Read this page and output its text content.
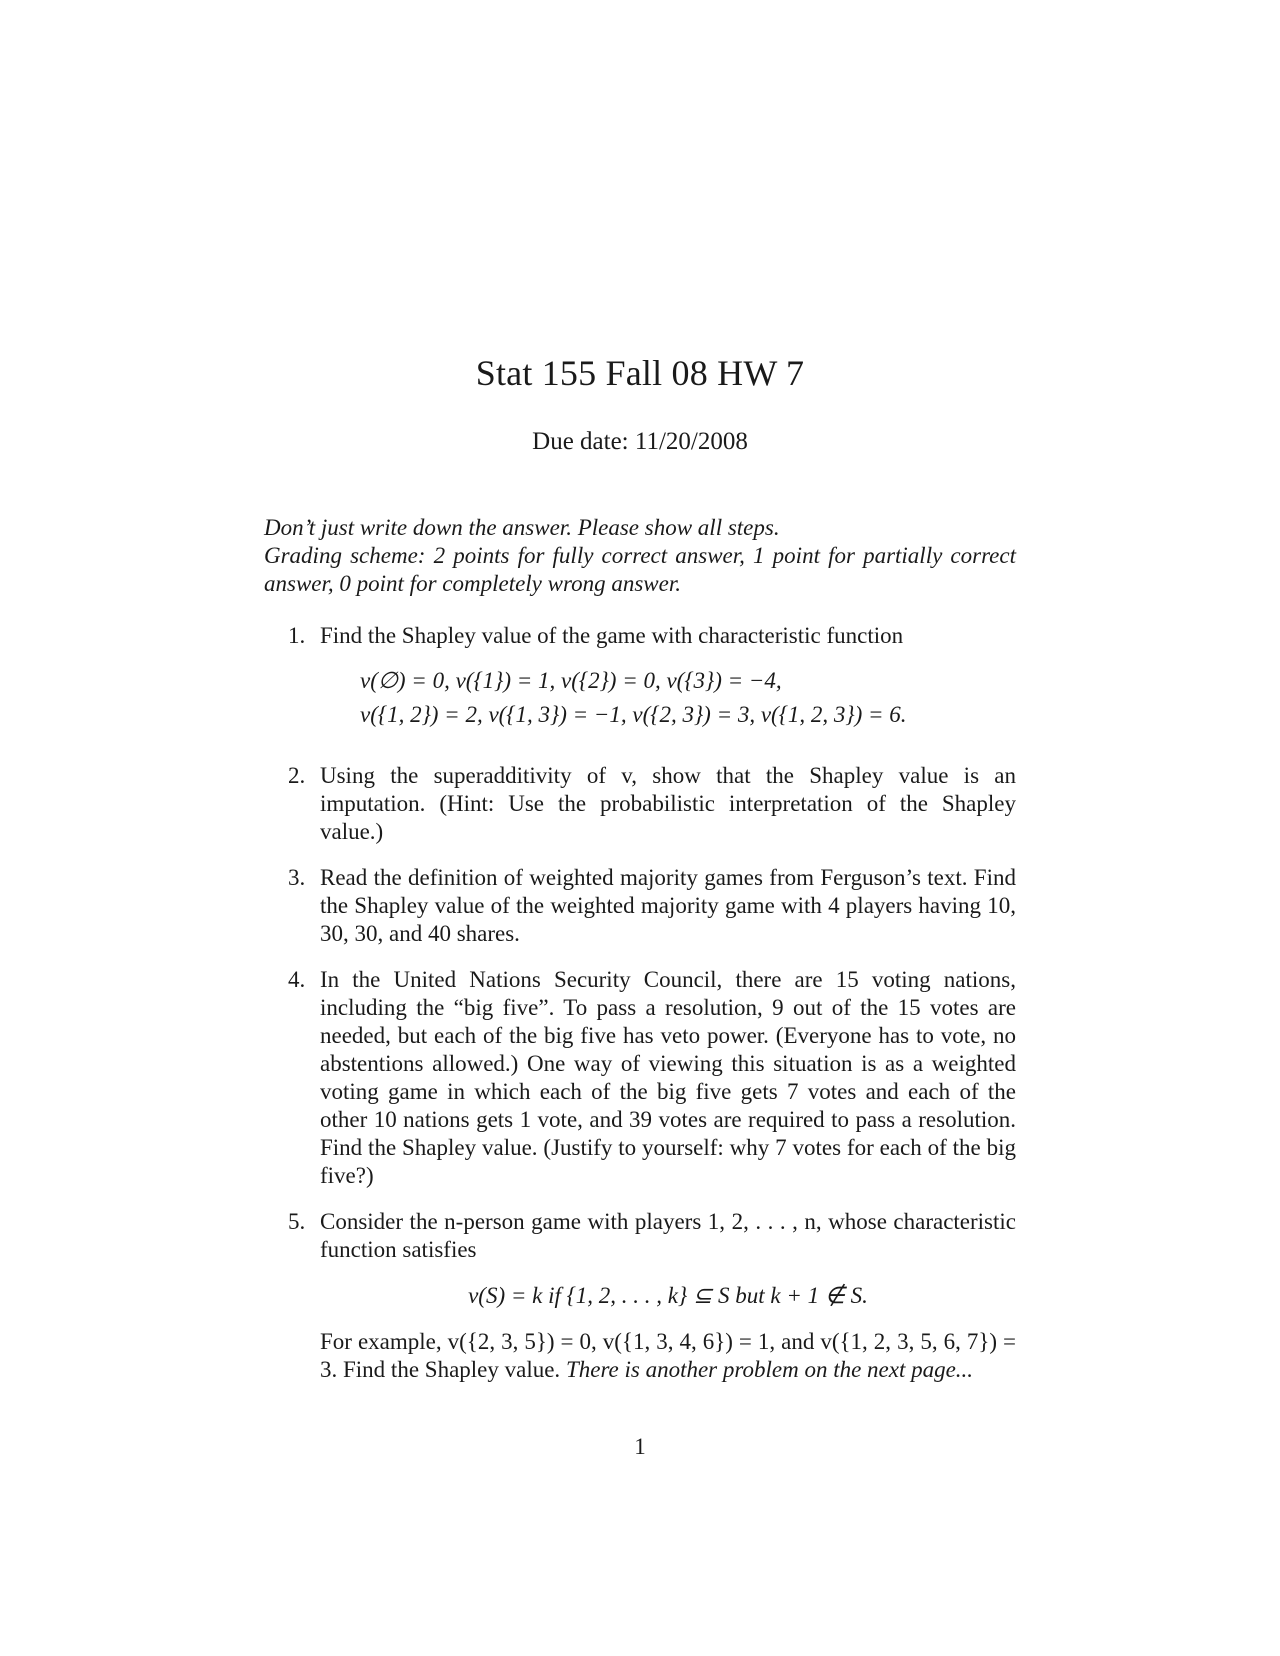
Stat 155 Fall 08 HW 7
Due date: 11/20/2008

Don’t just write down the answer. Please show all steps.

Grading scheme: 2 points for fully correct answer, 1 point for partially correct answer, 0 point for completely wrong answer.

1. Find the Shapley value of the game with characteristic function

v(∅) = 0, v({1}) = 1, v({2}) = 0, v({3}) = −4,
v({1, 2}) = 2, v({1, 3}) = −1, v({2, 3}) = 3, v({1, 2, 3}) = 6.
2. Using the superadditivity of v, show that the Shapley value is an imputation. (Hint: Use the probabilistic interpretation of the Shapley value.)

3. Read the definition of weighted majority games from Ferguson’s text. Find the Shapley value of the weighted majority game with 4 players having 10, 30, 30, and 40 shares.

4. In the United Nations Security Council, there are 15 voting nations, including the “big five”. To pass a resolution, 9 out of the 15 votes are needed, but each of the big five has veto power. (Everyone has to vote, no abstentions allowed.) One way of viewing this situation is as a weighted voting game in which each of the big five gets 7 votes and each of the other 10 nations gets 1 vote, and 39 votes are required to pass a resolution. Find the Shapley value. (Justify to yourself: why 7 votes for each of the big five?)

5. Consider the n-person game with players 1, 2, . . . , n, whose characteristic function satisfies

v(S) = k if {1, 2, . . . , k} ⊆ S but k + 1 ∉ S.

For example, v({2, 3, 5}) = 0, v({1, 3, 4, 6}) = 1, and v({1, 2, 3, 5, 6, 7}) = 3. Find the Shapley value. There is another problem on the next page...

1
